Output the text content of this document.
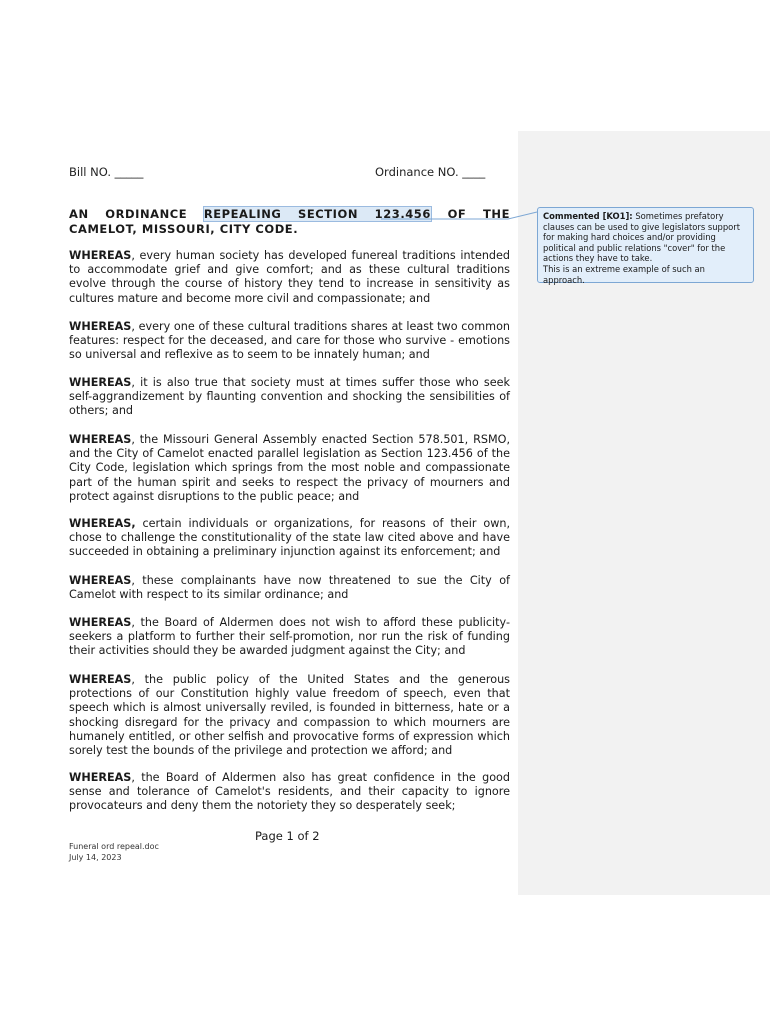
Bill NO. _____	Ordinance NO. ____
AN ORDINANCE REPEALING SECTION 123.456 OF THE CAMELOT, MISSOURI, CITY CODE.

WHEREAS, every human society has developed funereal traditions intended to accommodate grief and give comfort; and as these cultural traditions evolve through the course of history they tend to increase in sensitivity as cultures mature and become more civil and compassionate; and

WHEREAS, every one of these cultural traditions shares at least two common features: respect for the deceased, and care for those who survive - emotions so universal and reflexive as to seem to be innately human; and

WHEREAS, it is also true that society must at times suffer those who seek self-aggrandizement by flaunting convention and shocking the sensibilities of others; and

WHEREAS, the Missouri General Assembly enacted Section 578.501, RSMO, and the City of Camelot enacted parallel legislation as Section 123.456 of the City Code, legislation which springs from the most noble and compassionate part of the human spirit and seeks to respect the privacy of mourners and protect against disruptions to the public peace; and

WHEREAS, certain individuals or organizations, for reasons of their own, chose to challenge the constitutionality of the state law cited above and have succeeded in obtaining a preliminary injunction against its enforcement; and

WHEREAS, these complainants have now threatened to sue the City of Camelot with respect to its similar ordinance; and

WHEREAS, the Board of Aldermen does not wish to afford these publicity-seekers a platform to further their self-promotion, nor run the risk of funding their activities should they be awarded judgment against the City; and

WHEREAS, the public policy of the United States and the generous protections of our Constitution highly value freedom of speech, even that speech which is almost universally reviled, is founded in bitterness, hate or a shocking disregard for the privacy and compassion to which mourners are humanely entitled, or other selfish and provocative forms of expression which sorely test the bounds of the privilege and protection we afford; and

WHEREAS, the Board of Aldermen also has great confidence in the good sense and tolerance of Camelot's residents, and their capacity to ignore provocateurs and deny them the notoriety they so desperately seek;

Page 1 of 2
Funeral ord repeal.doc
July 14, 2023
Commented [KO1]: Sometimes prefatory clauses can be used to give legislators support for making hard choices and/or providing political and public relations "cover" for the actions they have to take.
This is an extreme example of such an approach.
